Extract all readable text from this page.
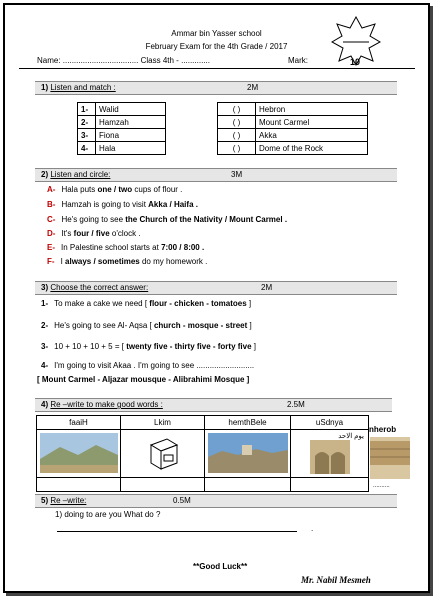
Ammar bin Yasser school
February Exam for the 4th Grade / 2017
10
Name: .................................. Class 4th - .............	Mark:
1) Listen and match :	2M
1-	Walid		( )	Hebron
2-	Hamzah		( )	Mount Carmel
3-	Fiona		( )	Akka
4-	Hala		( )	Dome of the Rock
2) Listen and circle:	3M
A- Hala puts one / two cups of flour .
B- Hamzah is going to visit Akka / Haifa .
C- He's going to see the Church of the Nativity / Mount Carmel .
D- It's four / five o'clock .
E- In Palestine school starts at 7:00 / 8:00 .
F- I always / sometimes do my homework .
3) Choose the correct answer:	2M
1- To make a cake we need [ flour - chicken - tomatoes ]
2- He's going to see Al- Aqsa [ church - mosque - street ]
3- 10 + 10 + 10 + 5 = [ twenty five - thirty five - forty five ]
4- I'm going to visit Akaa . I'm going to see ..........................
[ Mount Carmel - Aljazar mousque - Alibrahimi Mosque ]
4) Re –write to make good words :	2.5M
faaiH	Lkim	hemthBele	uSdnya

يوم الاحد

nherob
..........
5) Re –write:	0.5M
1) doing to are you What do ?
.
**Good Luck**
Mr. Nabil Mesmeh
